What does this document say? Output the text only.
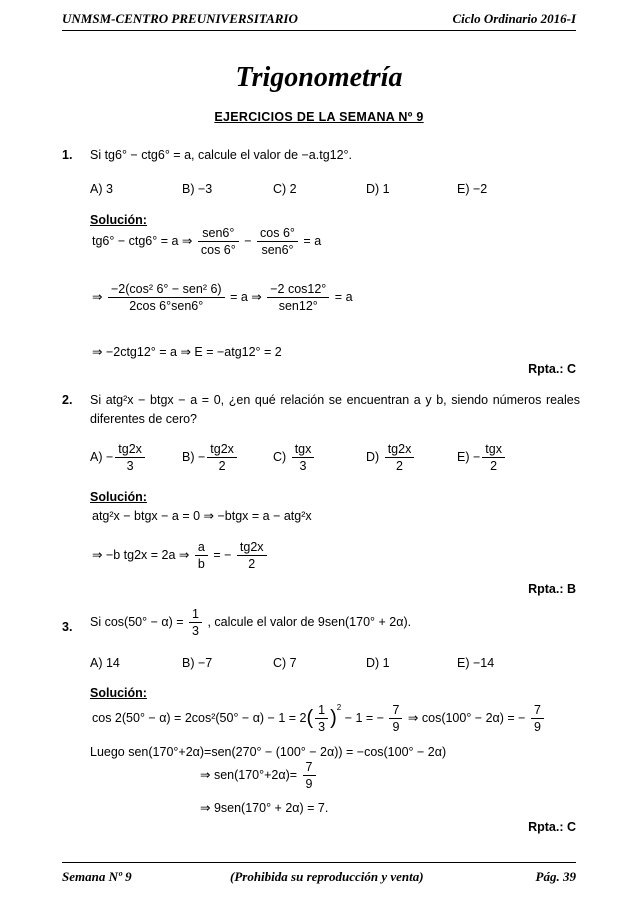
UNMSM-CENTRO PREUNIVERSITARIO	Ciclo Ordinario 2016-I
Trigonometría
EJERCICIOS DE LA SEMANA Nº 9
1. Si tg6° − ctg6° = a, calcule el valor de −a.tg12°.
A) 3	B) −3	C) 2	D) 1	E) −2
Solución:
tg6° − ctg6° = a ⇒ $\frac{\text{sen6°}}{\cos 6^\circ} - \frac{\cos 6^\circ}{\text{sen6°}} = a$
⇒ $\frac{\text{−2(cos² 6° − sen² 6)}}{\text{2cos 6°sen6°}} = a$ ⇒ $\frac{-2 \cos 12^\circ}{\text{sen12°}} = a$
⇒ −2ctg12° = a ⇒ E = −atg12° = 2
Rpta.: C
2. Si atg²x − btgx − a = 0, ¿en qué relación se encuentran a y b, siendo números reales diferentes de cero?
$A) - \frac{tg2x}{3}$	$B) - \frac{tg2x}{2}$	$C) \frac{\text{tgx}}{3}$	$D) \frac{tg2x}{2}$	$E) - \frac{\text{tgx}}{2}$
Solución:
atg²x − btgx − a = 0 ⇒ −btgx = a − atg²x
⇒ −b tg2x = 2a ⇒ $\frac{a}{b}$ = − $\frac{tg2x}{2}$
Rpta.: B
3. Si $\cos(50^\circ - \alpha) = \frac{1}{3}$ , calcule el valor de 9sen(170° + 2α).
A) 14	B) −7	C) 7	D) 1	E) −14
Solución:
$\cos 2(50^\circ - \alpha) = 2\cos^2(50^\circ - \alpha) - 1 = 2( \frac{1}{3} )^2 - 1$ = − $\frac{7}{9}$ ⇒ cos(100° − 2α) = − $\frac{7}{9}$
Luego sen(170°+2α)=sen(270° − (100° − 2α)) = −cos(100° − 2α)
⇒ $sen(170^\circ+2\alpha)= \frac{7}{9}$
⇒ 9sen(170° + 2α) = 7.
Rpta.: C
Semana Nº 9	(Prohibida su reproducción y venta)	Pág. 39
